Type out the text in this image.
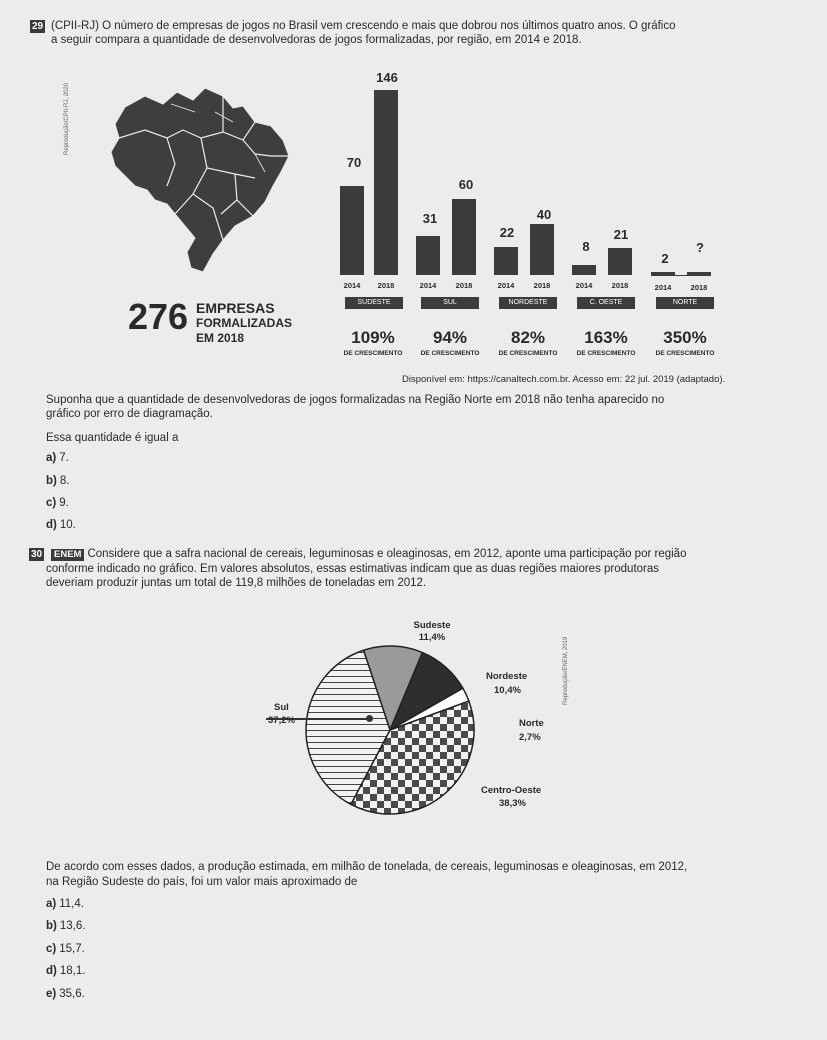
29 (CPII-RJ) O número de empresas de jogos no Brasil vem crescendo e mais que dobrou nos últimos quatro anos. O gráfico
a seguir compara a quantidade de desenvolvedoras de jogos formalizadas, por região, em 2014 e 2018.
Reprodução/CPII-RJ, 2020
276 EMPRESAS
FORMALIZADAS
EM 2018
70
146
31
60
22
40
8
21
2
?
2014	2018	2014	2018	2014	2018	2014	2018	2014	2018
SUDESTE	SUL	NORDESTE	C. OESTE	NORTE
109%	94%	82%	163%	350%
DE CRESCIMENTO	DE CRESCIMENTO	DE CRESCIMENTO	DE CRESCIMENTO	DE CRESCIMENTO
Disponível em: https://canaltech.com.br. Acesso em: 22 jul. 2019 (adaptado).
Suponha que a quantidade de desenvolvedoras de jogos formalizadas na Região Norte em 2018 não tenha aparecido no
gráfico por erro de diagramação.
Essa quantidade é igual a
a) 7.
b) 8.
c) 9.
d) 10.
30	ENEM Considere que a safra nacional de cereais, leguminosas e oleaginosas, em 2012, aponte uma participação por região
conforme indicado no gráfico. Em valores absolutos, essas estimativas indicam que as duas regiões maiores produtoras
deveriam produzir juntas um total de 119,8 milhões de toneladas em 2012.
Reprodução/ENEM, 2019
Sudeste
11,4%
Nordeste
10,4%
Sul
37,2%	Norte
2,7%
Centro-Oeste
38,3%
De acordo com esses dados, a produção estimada, em milhão de tonelada, de cereais, leguminosas e oleaginosas, em 2012,
na Região Sudeste do país, foi um valor mais aproximado de
a) 11,4.
b) 13,6.
c) 15,7.
d) 18,1.
e) 35,6.
